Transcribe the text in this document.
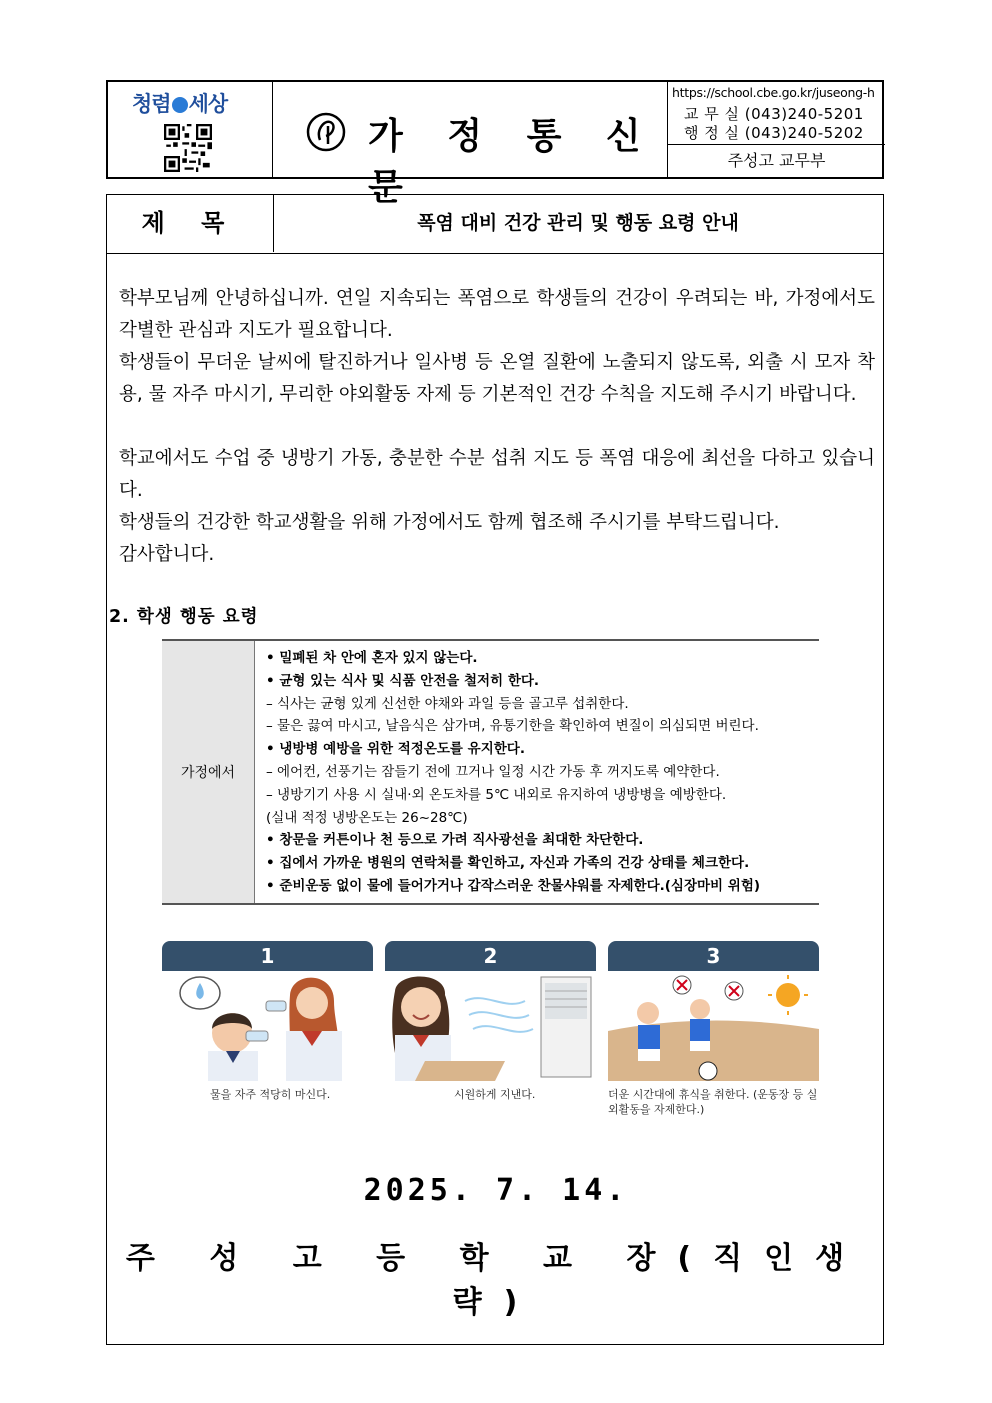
청렴 세상
가 정 통 신 문
https://school.cbe.go.kr/juseong-h
교 무 실 (043)240-5201
행 정 실 (043)240-5202
주성고 교무부
제 목	폭염 대비 건강 관리 및 행동 요령 안내
학부모님께 안녕하십니까. 연일 지속되는 폭염으로 학생들의 건강이 우려되는 바, 가정에서도 각별한 관심과 지도가 필요합니다.
학생들이 무더운 날씨에 탈진하거나 일사병 등 온열 질환에 노출되지 않도록, 외출 시 모자 착용, 물 자주 마시기, 무리한 야외활동 자제 등 기본적인 건강 수칙을 지도해 주시기 바랍니다.
학교에서도 수업 중 냉방기 가동, 충분한 수분 섭취 지도 등 폭염 대응에 최선을 다하고 있습니다.
학생들의 건강한 학교생활을 위해 가정에서도 함께 협조해 주시기를 부탁드립니다.
감사합니다.
2. 학생 행동 요령
가정에서
• 밀폐된 차 안에 혼자 있지 않는다.
• 균형 있는 식사 및 식품 안전을 철저히 한다.
– 식사는 균형 있게 신선한 야채와 과일 등을 골고루 섭취한다.
– 물은 끓여 마시고, 날음식은 삼가며, 유통기한을 확인하여 변질이 의심되면 버린다.
• 냉방병 예방을 위한 적정온도를 유지한다.
– 에어컨, 선풍기는 잠들기 전에 끄거나 일정 시간 가동 후 꺼지도록 예약한다.
– 냉방기기 사용 시 실내·외 온도차를 5℃ 내외로 유지하여 냉방병을 예방한다.
(실내 적정 냉방온도는 26~28℃)
• 창문을 커튼이나 천 등으로 가려 직사광선을 최대한 차단한다.
• 집에서 가까운 병원의 연락처를 확인하고, 자신과 가족의 건강 상태를 체크한다.
• 준비운동 없이 물에 들어가거나 갑작스러운 찬물샤워를 자제한다.(심장마비 위험)
1
물을 자주 적당히 마신다.
2
시원하게 지낸다.
3
더운 시간대에 휴식을 취한다. (운동장 등 실외활동을 자제한다.)
2025. 7. 14.
주 성 고 등 학 교 장(직인생략)
